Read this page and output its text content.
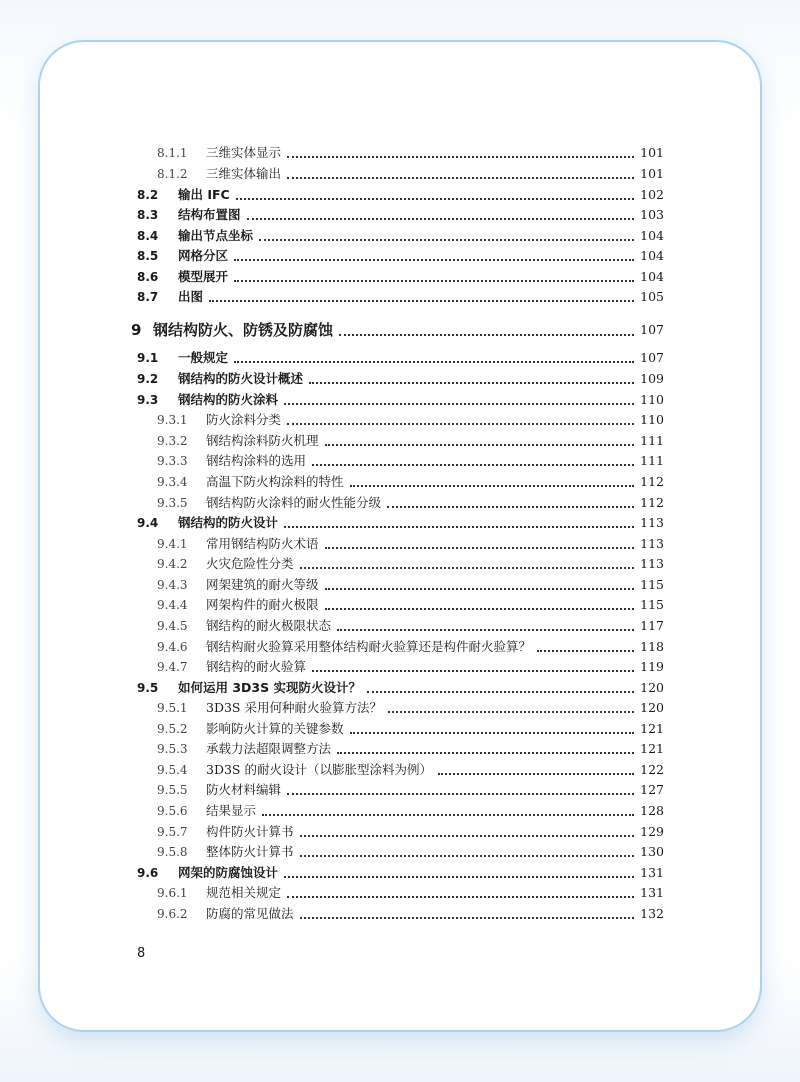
8.1.1 三维实体显示	101
8.1.2 三维实体输出	101
8.2 输出 IFC	102
8.3 结构布置图	103
8.4 输出节点坐标	104
8.5 网格分区	104
8.6 模型展开	104
8.7 出图	105
9 钢结构防火、防锈及防腐蚀	107
9.1 一般规定	107
9.2 钢结构的防火设计概述	109
9.3 钢结构的防火涂料	110
9.3.1 防火涂料分类	110
9.3.2 钢结构涂料防火机理	111
9.3.3 钢结构涂料的选用	111
9.3.4 高温下防火构涂料的特性	112
9.3.5 钢结构防火涂料的耐火性能分级	112
9.4 钢结构的防火设计	113
9.4.1 常用钢结构防火术语	113
9.4.2 火灾危险性分类	113
9.4.3 网架建筑的耐火等级	115
9.4.4 网架构件的耐火极限	115
9.4.5 钢结构的耐火极限状态	117
9.4.6 钢结构耐火验算采用整体结构耐火验算还是构件耐火验算？	118
9.4.7 钢结构的耐火验算	119
9.5 如何运用 3D3S 实现防火设计？	120
9.5.1 3D3S 采用何种耐火验算方法？	120
9.5.2 影响防火计算的关键参数	121
9.5.3 承载力法超限调整方法	121
9.5.4 3D3S 的耐火设计（以膨胀型涂料为例）	122
9.5.5 防火材料编辑	127
9.5.6 结果显示	128
9.5.7 构件防火计算书	129
9.5.8 整体防火计算书	130
9.6 网架的防腐蚀设计	131
9.6.1 规范相关规定	131
9.6.2 防腐的常见做法	132
8
